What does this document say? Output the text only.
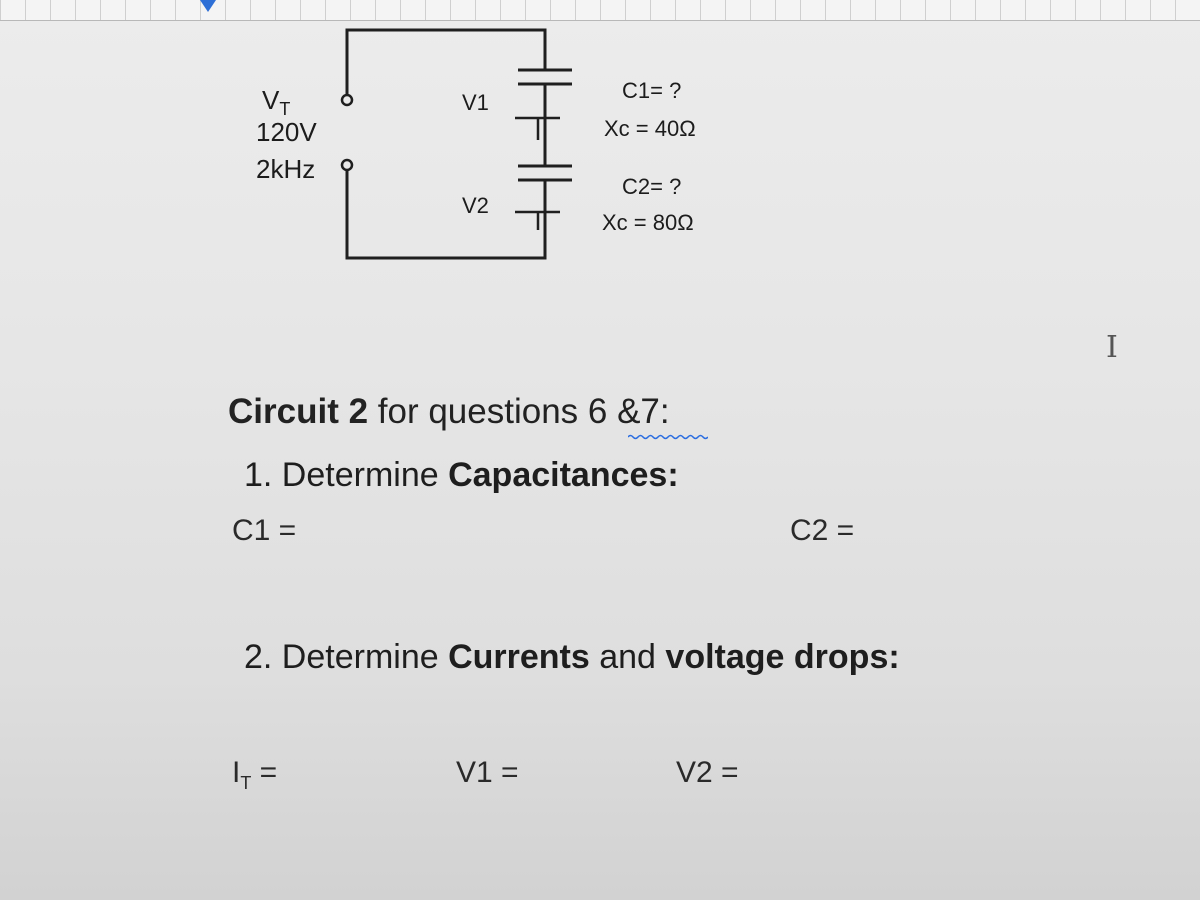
$V_T$
120V
2kHz
V1
V2
C1= ?
Xc = 40Ω
C2= ?
Xc = 80Ω
Ⅰ
Circuit 2 for questions 6 &7:
1. Determine Capacitances:
C1 =	C2 =
2. Determine Currents and voltage drops:
$I_T$ =	V1 =	V2 =
